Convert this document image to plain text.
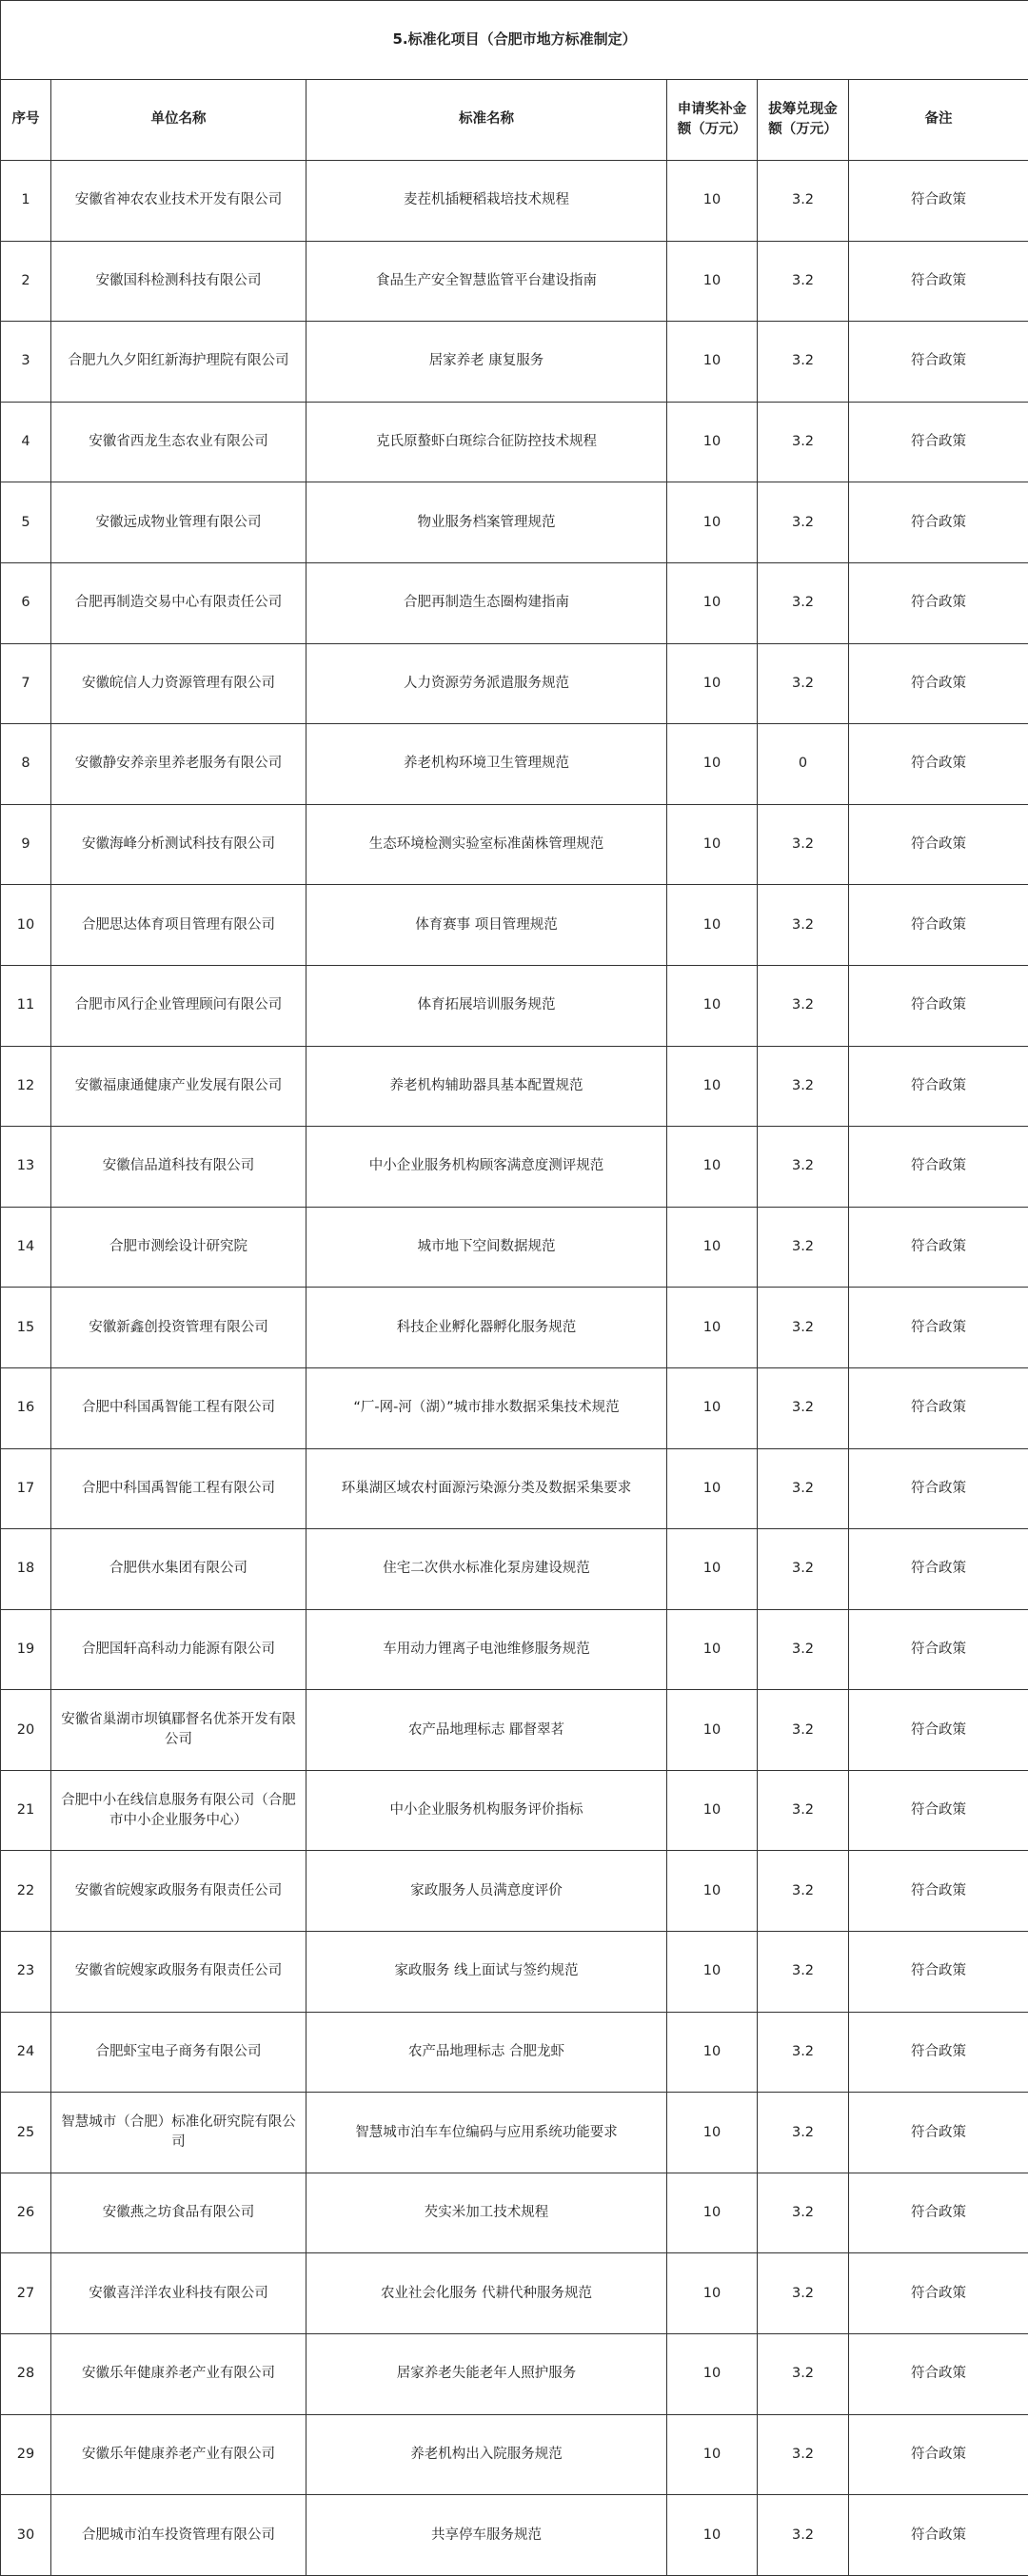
5.标准化项目（合肥市地方标准制定）					
序号	单位名称	标准名称	申请奖补金额（万元）	拔筹兑现金额（万元）	备注
1	安徽省神农农业技术开发有限公司	麦茬机插粳稻栽培技术规程	10	3.2	符合政策
2	安徽国科检测科技有限公司	食品生产安全智慧监管平台建设指南	10	3.2	符合政策
3	合肥九久夕阳红新海护理院有限公司	居家养老 康复服务	10	3.2	符合政策
4	安徽省西龙生态农业有限公司	克氏原螯虾白斑综合征防控技术规程	10	3.2	符合政策
5	安徽远成物业管理有限公司	物业服务档案管理规范	10	3.2	符合政策
6	合肥再制造交易中心有限责任公司	合肥再制造生态圈构建指南	10	3.2	符合政策
7	安徽皖信人力资源管理有限公司	人力资源劳务派遣服务规范	10	3.2	符合政策
8	安徽静安养亲里养老服务有限公司	养老机构环境卫生管理规范	10	0	符合政策
9	安徽海峰分析测试科技有限公司	生态环境检测实验室标准菌株管理规范	10	3.2	符合政策
10	合肥思达体育项目管理有限公司	体育赛事 项目管理规范	10	3.2	符合政策
11	合肥市风行企业管理顾问有限公司	体育拓展培训服务规范	10	3.2	符合政策
12	安徽福康通健康产业发展有限公司	养老机构辅助器具基本配置规范	10	3.2	符合政策
13	安徽信品道科技有限公司	中小企业服务机构顾客满意度测评规范	10	3.2	符合政策
14	合肥市测绘设计研究院	城市地下空间数据规范	10	3.2	符合政策
15	安徽新鑫创投资管理有限公司	科技企业孵化器孵化服务规范	10	3.2	符合政策
16	合肥中科国禹智能工程有限公司	“厂-网-河（湖）”城市排水数据采集技术规范	10	3.2	符合政策
17	合肥中科国禹智能工程有限公司	环巢湖区域农村面源污染源分类及数据采集要求	10	3.2	符合政策
18	合肥供水集团有限公司	住宅二次供水标准化泵房建设规范	10	3.2	符合政策
19	合肥国轩高科动力能源有限公司	车用动力锂离子电池维修服务规范	10	3.2	符合政策
20	安徽省巢湖市坝镇郿督名优茶开发有限公司	农产品地理标志 郿督翠茗	10	3.2	符合政策
21	合肥中小在线信息服务有限公司（合肥市中小企业服务中心）	中小企业服务机构服务评价指标	10	3.2	符合政策
22	安徽省皖嫂家政服务有限责任公司	家政服务人员满意度评价	10	3.2	符合政策
23	安徽省皖嫂家政服务有限责任公司	家政服务 线上面试与签约规范	10	3.2	符合政策
24	合肥虾宝电子商务有限公司	农产品地理标志 合肥龙虾	10	3.2	符合政策
25	智慧城市（合肥）标准化研究院有限公司	智慧城市泊车车位编码与应用系统功能要求	10	3.2	符合政策
26	安徽燕之坊食品有限公司	芡实米加工技术规程	10	3.2	符合政策
27	安徽喜洋洋农业科技有限公司	农业社会化服务 代耕代种服务规范	10	3.2	符合政策
28	安徽乐年健康养老产业有限公司	居家养老失能老年人照护服务	10	3.2	符合政策
29	安徽乐年健康养老产业有限公司	养老机构出入院服务规范	10	3.2	符合政策
30	合肥城市泊车投资管理有限公司	共享停车服务规范	10	3.2	符合政策
